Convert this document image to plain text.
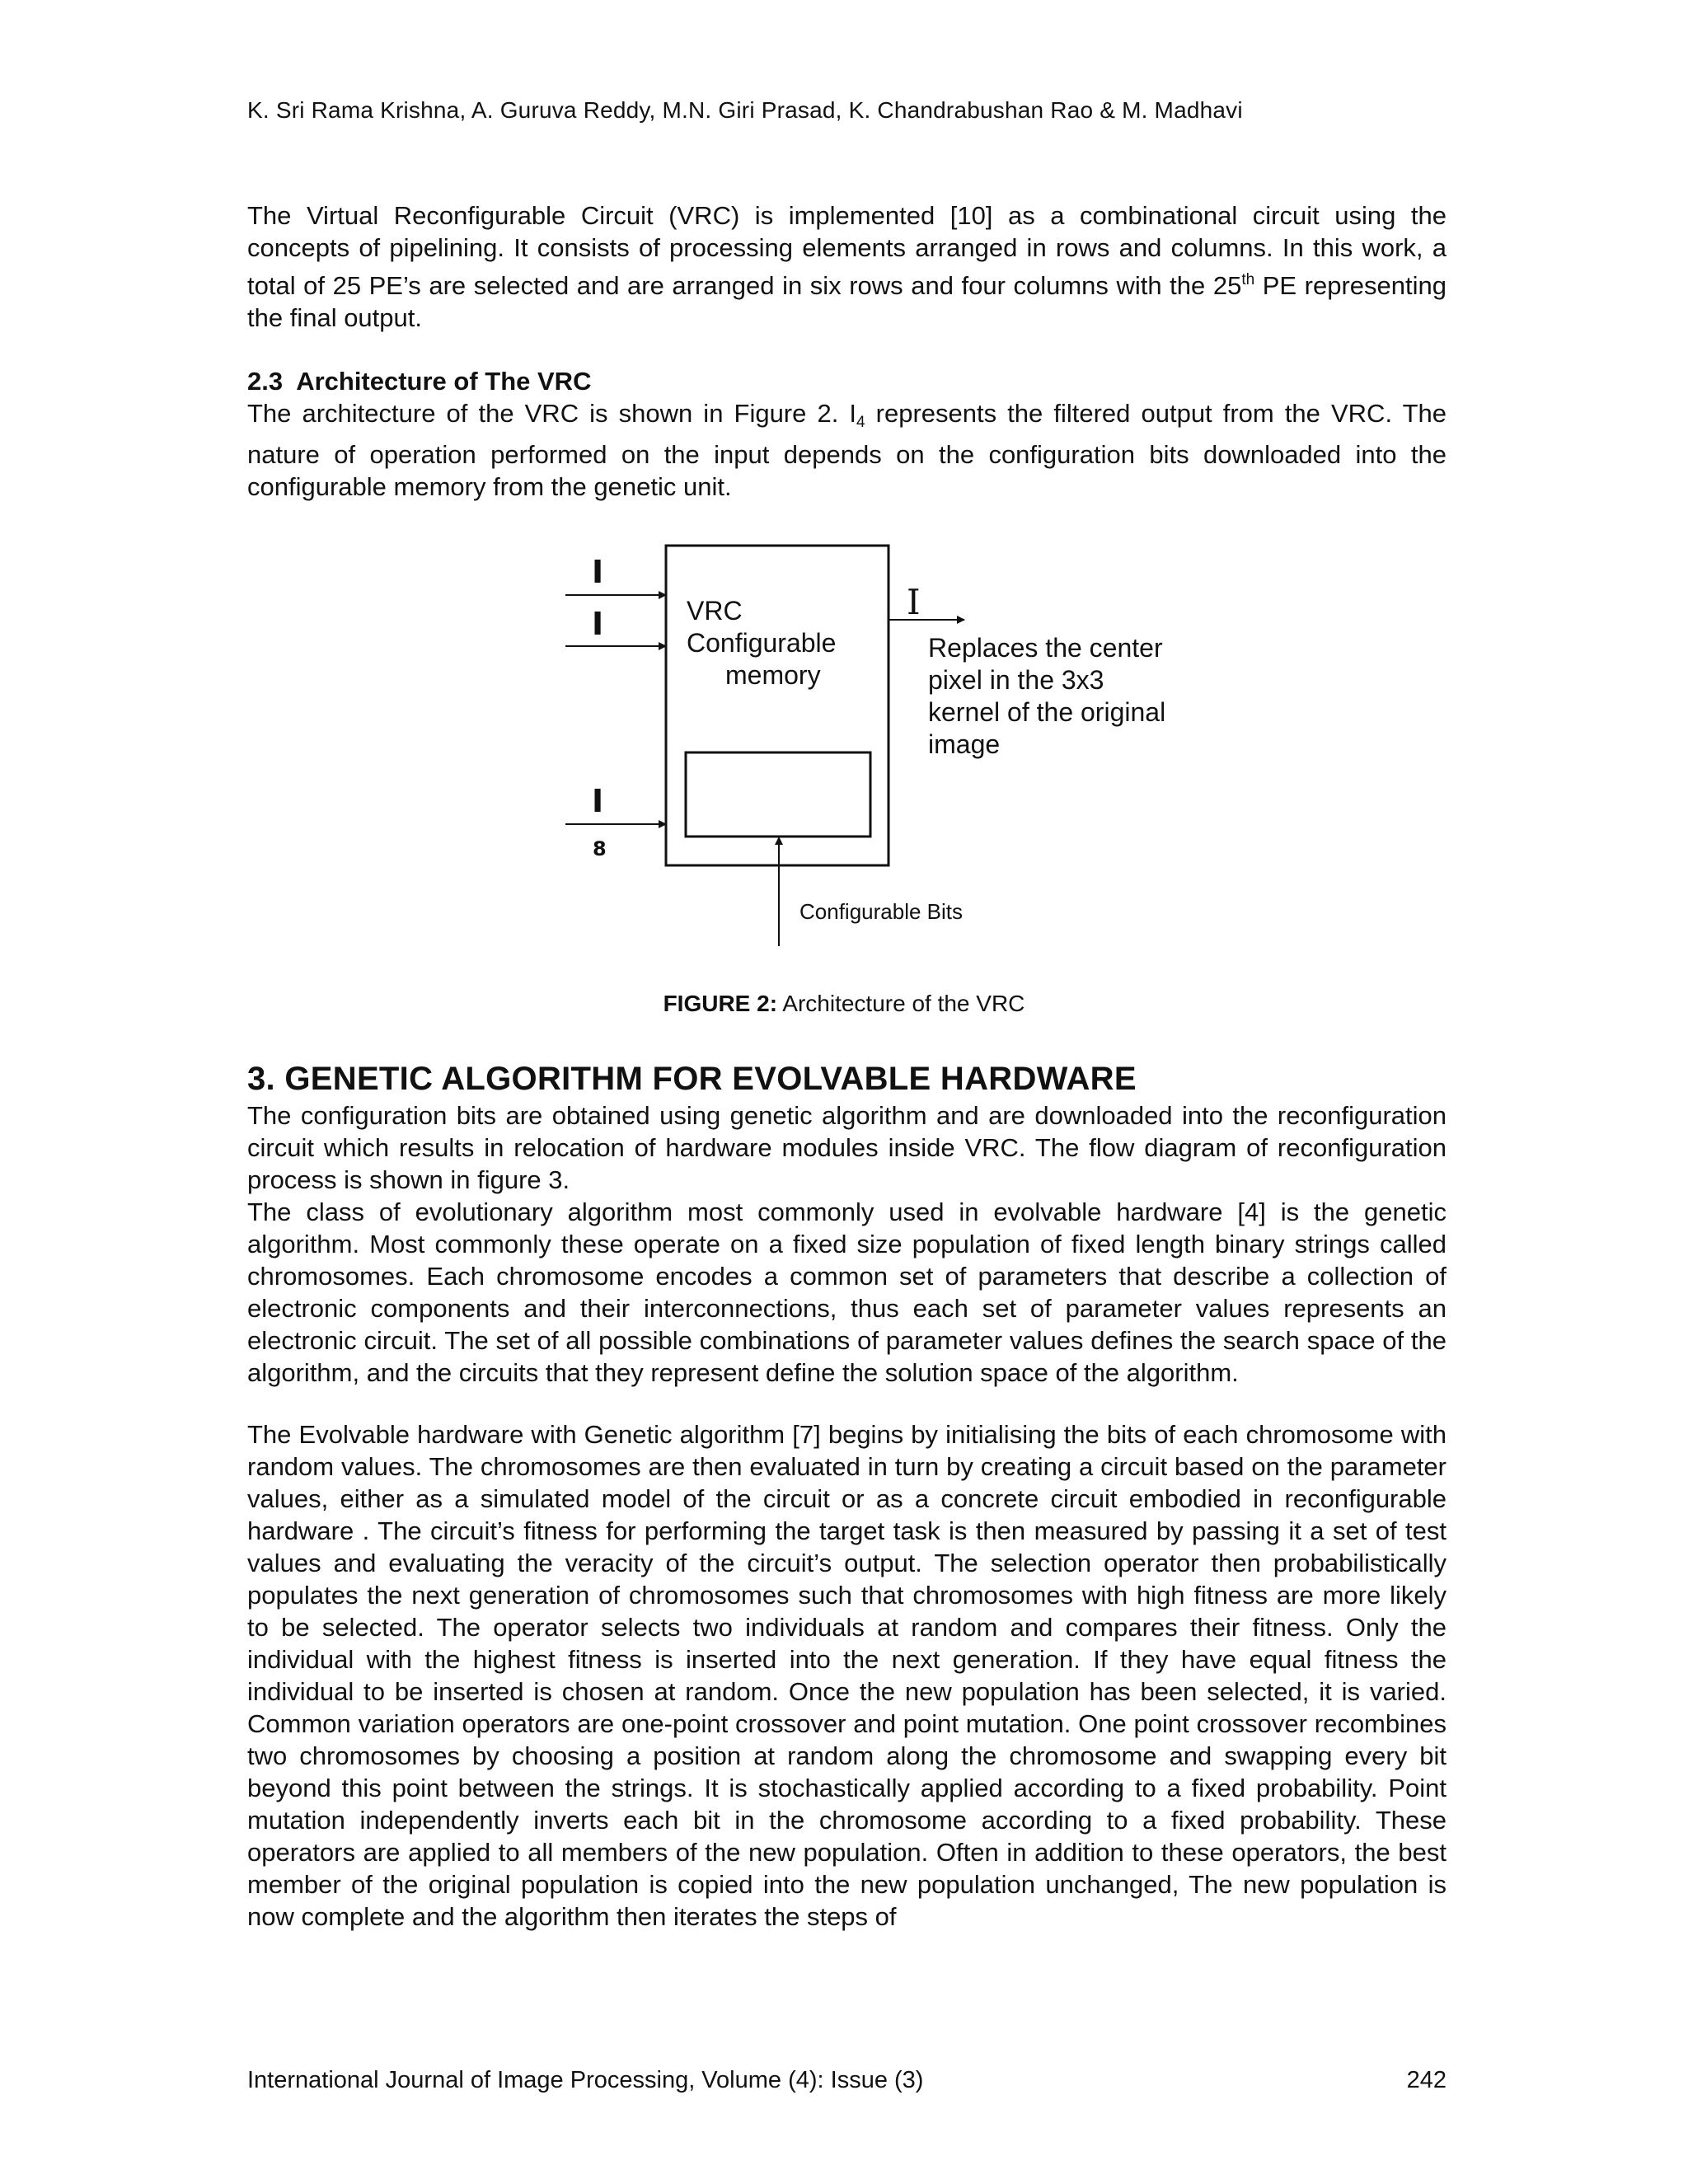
K. Sri Rama Krishna, A. Guruva Reddy, M.N. Giri Prasad, K. Chandrabushan Rao & M. Madhavi

The Virtual Reconfigurable Circuit (VRC) is implemented [10] as a combinational circuit using the concepts of pipelining. It consists of processing elements arranged in rows and columns. In this work, a total of 25 PE’s are selected and are arranged in six rows and four columns with the 25th PE representing the final output.

2.3 Architecture of The VRC

The architecture of the VRC is shown in Figure 2. $I_4$ represents the filtered output from the VRC. The nature of operation performed on the input depends on the configuration bits downloaded into the configurable memory from the genetic unit.

I
I
I
8
VRC
Configurable
memory
I
Replaces the center
pixel in the 3x3
kernel of the original
image
Configurable Bits
FIGURE 2: Architecture of the VRC

3. GENETIC ALGORITHM FOR EVOLVABLE HARDWARE

The configuration bits are obtained using genetic algorithm and are downloaded into the reconfiguration circuit which results in relocation of hardware modules inside VRC. The flow diagram of reconfiguration process is shown in figure 3.

The class of evolutionary algorithm most commonly used in evolvable hardware [4] is the genetic algorithm. Most commonly these operate on a fixed size population of fixed length binary strings called chromosomes. Each chromosome encodes a common set of parameters that describe a collection of electronic components and their interconnections, thus each set of parameter values represents an electronic circuit. The set of all possible combinations of parameter values defines the search space of the algorithm, and the circuits that they represent define the solution space of the algorithm.

The Evolvable hardware with Genetic algorithm [7] begins by initialising the bits of each chromosome with random values. The chromosomes are then evaluated in turn by creating a circuit based on the parameter values, either as a simulated model of the circuit or as a concrete circuit embodied in reconfigurable hardware . The circuit’s fitness for performing the target task is then measured by passing it a set of test values and evaluating the veracity of the circuit’s output. The selection operator then probabilistically populates the next generation of chromosomes such that chromosomes with high fitness are more likely to be selected. The operator selects two individuals at random and compares their fitness. Only the individual with the highest fitness is inserted into the next generation. If they have equal fitness the individual to be inserted is chosen at random. Once the new population has been selected, it is varied. Common variation operators are one-point crossover and point mutation. One point crossover recombines two chromosomes by choosing a position at random along the chromosome and swapping every bit beyond this point between the strings. It is stochastically applied according to a fixed probability. Point mutation independently inverts each bit in the chromosome according to a fixed probability. These operators are applied to all members of the new population. Often in addition to these operators, the best member of the original population is copied into the new population unchanged, The new population is now complete and the algorithm then iterates the steps of

International Journal of Image Processing, Volume (4): Issue (3)	242
